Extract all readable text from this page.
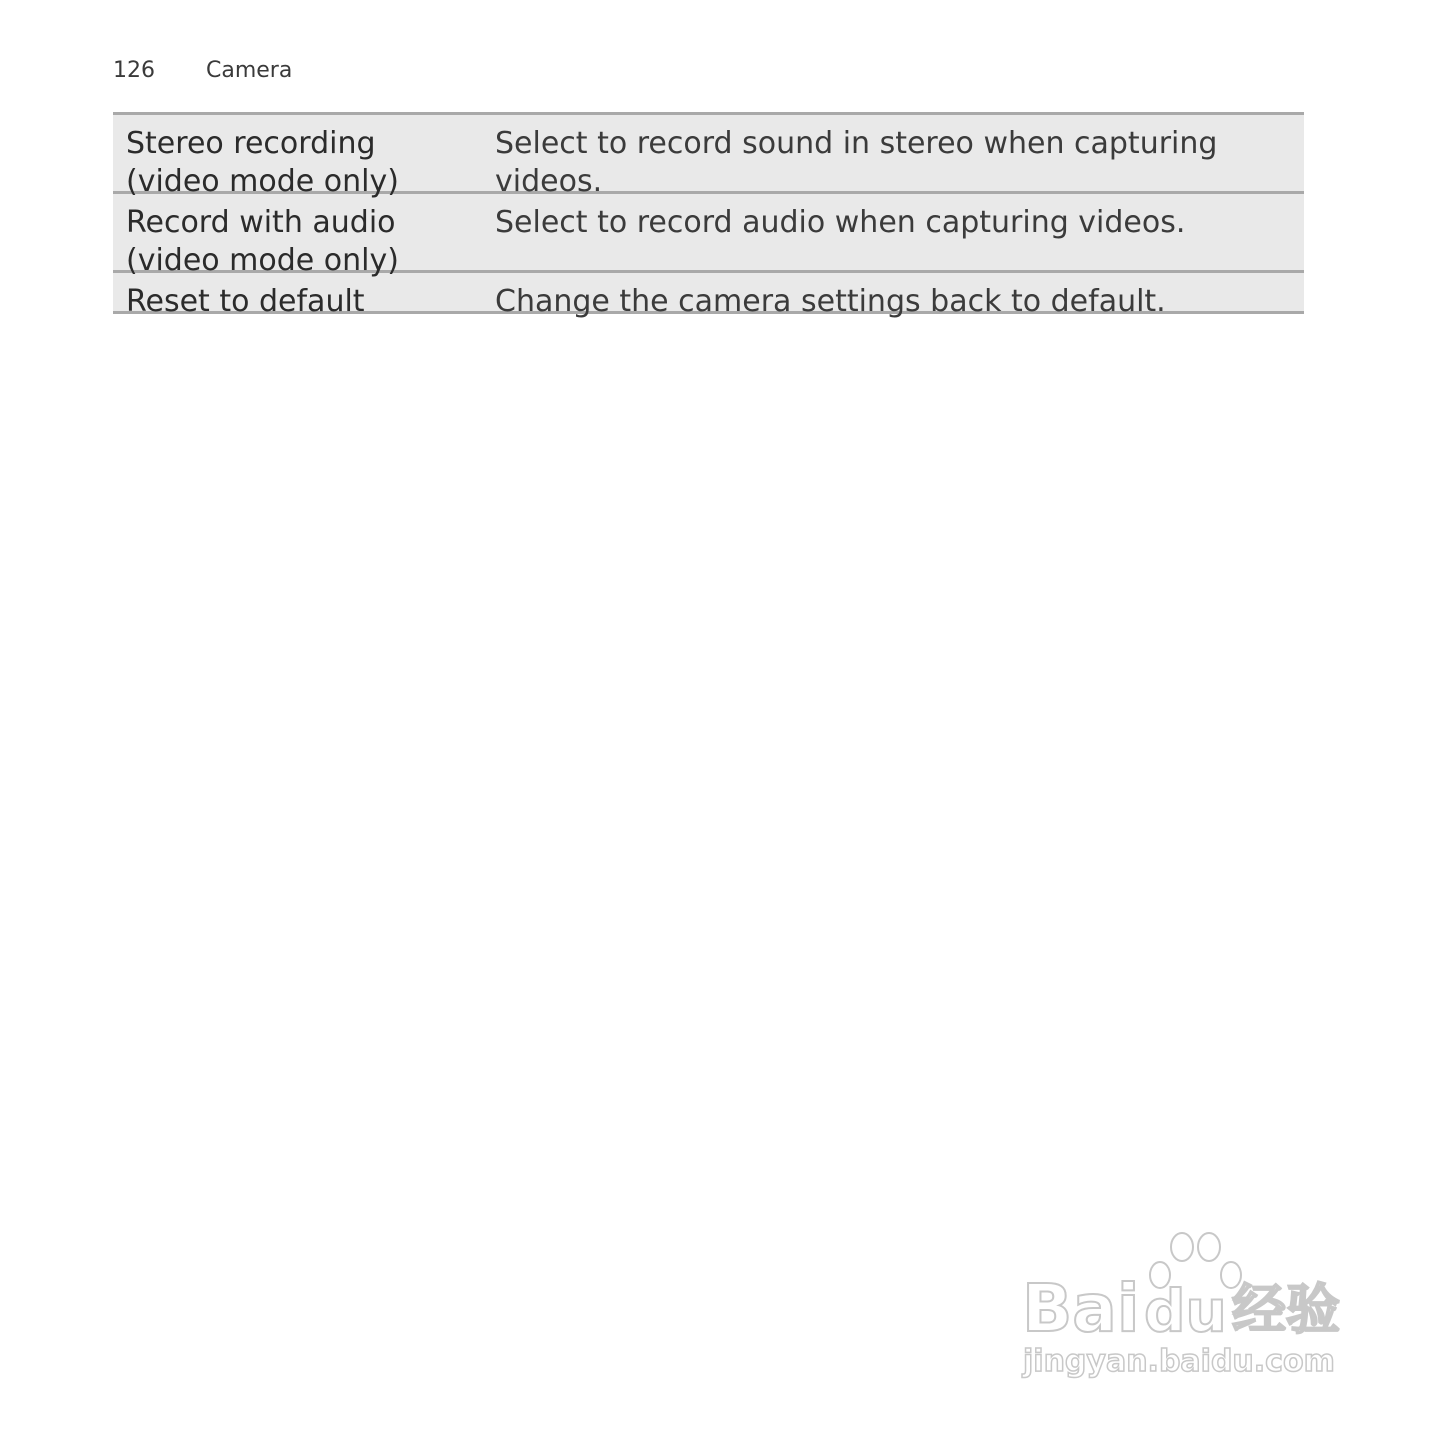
126	Camera
Stereo recording
(video mode only)
Select to record sound in stereo when capturing videos.
Record with audio
(video mode only)
Select to record audio when capturing videos.
Reset to default	Change the camera settings back to default.
Bai du 经验
jingyan.baidu.com
